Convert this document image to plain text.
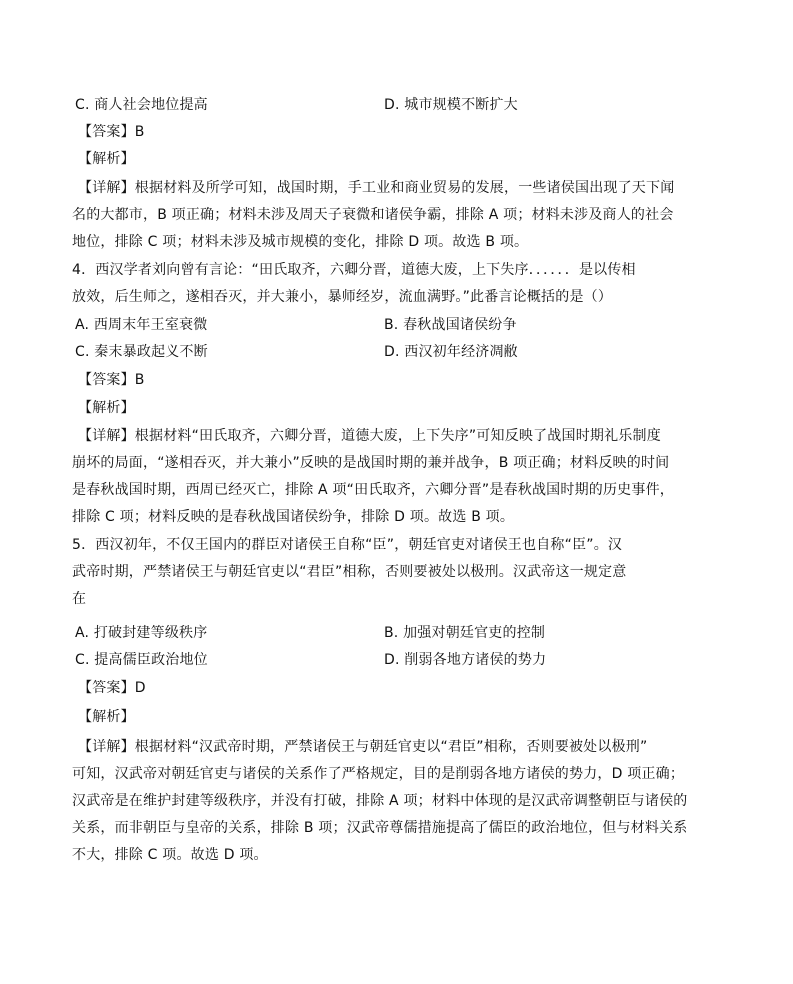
C. 商人社会地位提高	D. 城市规模不断扩大
【答案】B
【解析】
【详解】根据材料及所学可知，战国时期，手工业和商业贸易的发展，一些诸侯国出现了天下闻
名的大都市，B 项正确；材料未涉及周天子衰微和诸侯争霸，排除 A 项；材料未涉及商人的社会
地位，排除 C 项；材料未涉及城市规模的变化，排除 D 项。故选 B 项。
4．西汉学者刘向曾有言论：“田氏取齐，六卿分晋，道德大废，上下失序．．．．．．是以传相
放效，后生师之，遂相吞灭，并大兼小，暴师经岁，流血满野。”此番言论概括的是（）
A. 西周末年王室衰微	B. 春秋战国诸侯纷争
C. 秦末暴政起义不断	D. 西汉初年经济凋敝
【答案】B
【解析】
【详解】根据材料“田氏取齐，六卿分晋，道德大废，上下失序”可知反映了战国时期礼乐制度
崩坏的局面，“遂相吞灭，并大兼小”反映的是战国时期的兼并战争，B 项正确；材料反映的时间
是春秋战国时期，西周已经灭亡，排除 A 项“田氏取齐，六卿分晋”是春秋战国时期的历史事件，
排除 C 项；材料反映的是春秋战国诸侯纷争，排除 D 项。故选 B 项。
5．西汉初年，不仅王国内的群臣对诸侯王自称“臣”，朝廷官吏对诸侯王也自称“臣”。汉
武帝时期，严禁诸侯王与朝廷官吏以“君臣”相称，否则要被处以极刑。汉武帝这一规定意
在
A. 打破封建等级秩序	B. 加强对朝廷官吏的控制
C. 提高儒臣政治地位	D. 削弱各地方诸侯的势力
【答案】D
【解析】
【详解】根据材料“汉武帝时期，严禁诸侯王与朝廷官吏以“君臣”相称，否则要被处以极刑”
可知，汉武帝对朝廷官吏与诸侯的关系作了严格规定，目的是削弱各地方诸侯的势力，D 项正确；
汉武帝是在维护封建等级秩序，并没有打破，排除 A 项；材料中体现的是汉武帝调整朝臣与诸侯的
关系，而非朝臣与皇帝的关系，排除 B 项；汉武帝尊儒措施提高了儒臣的政治地位，但与材料关系
不大，排除 C 项。故选 D 项。
